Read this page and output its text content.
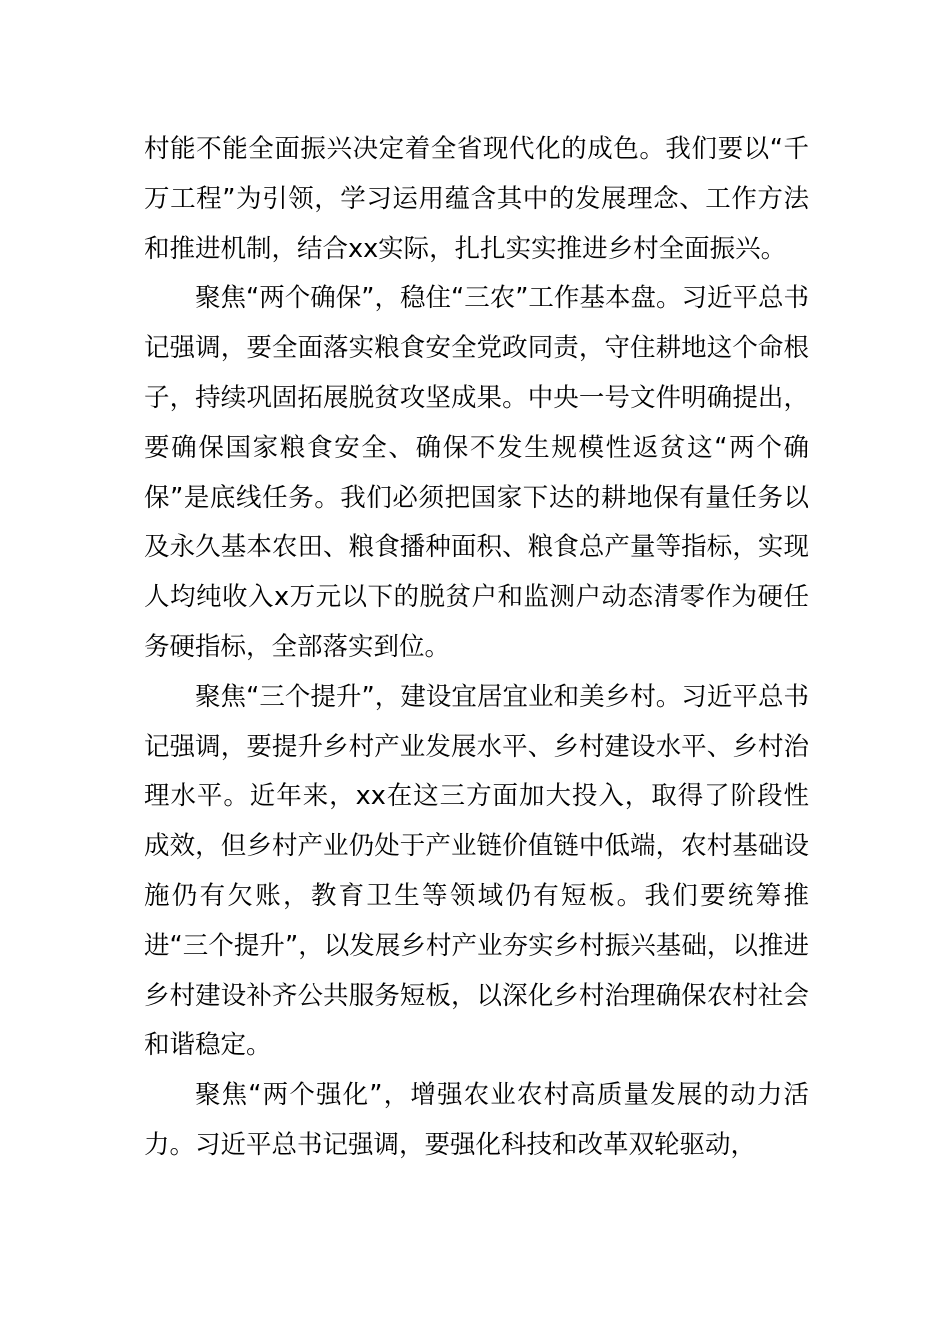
村能不能全面振兴决定着全省现代化的成色。我们要以“千万工程”为引领，学习运用蕴含其中的发展理念、工作方法和推进机制，结合xx实际，扎扎实实推进乡村全面振兴。

聚焦“两个确保”，稳住“三农”工作基本盘。习近平总书记强调，要全面落实粮食安全党政同责，守住耕地这个命根子，持续巩固拓展脱贫攻坚成果。中央一号文件明确提出，要确保国家粮食安全、确保不发生规模性返贫这“两个确保”是底线任务。我们必须把国家下达的耕地保有量任务以及永久基本农田、粮食播种面积、粮食总产量等指标，实现人均纯收入x万元以下的脱贫户和监测户动态清零作为硬任务硬指标，全部落实到位。

聚焦“三个提升”，建设宜居宜业和美乡村。习近平总书记强调，要提升乡村产业发展水平、乡村建设水平、乡村治理水平。近年来，xx在这三方面加大投入，取得了阶段性成效，但乡村产业仍处于产业链价值链中低端，农村基础设施仍有欠账，教育卫生等领域仍有短板。我们要统筹推进“三个提升”，以发展乡村产业夯实乡村振兴基础，以推进乡村建设补齐公共服务短板，以深化乡村治理确保农村社会和谐稳定。

聚焦“两个强化”，增强农业农村高质量发展的动力活力。习近平总书记强调，要强化科技和改革双轮驱动，
